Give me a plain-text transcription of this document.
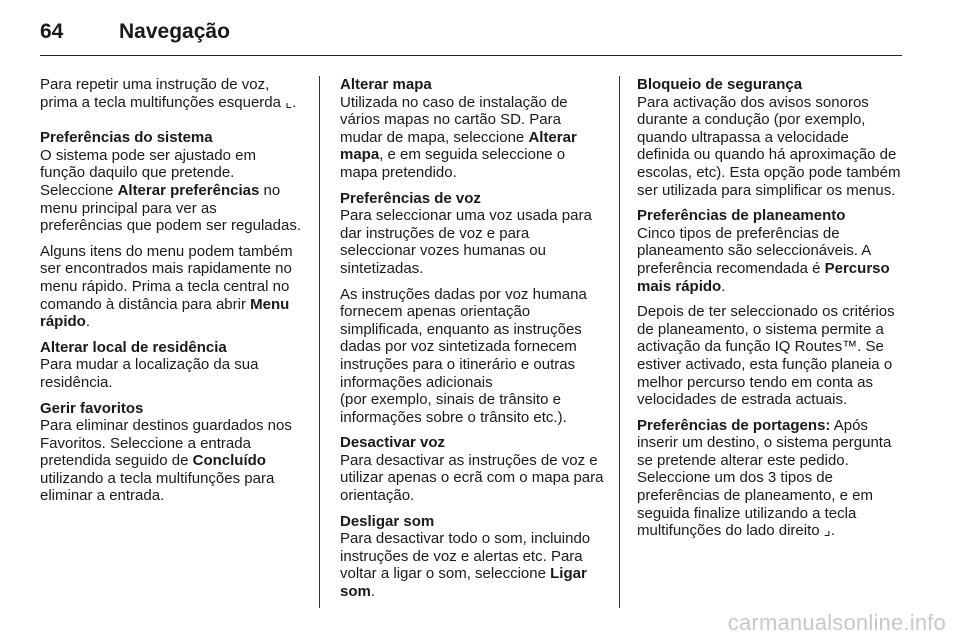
64	Navegação

Para repetir uma instrução de voz, prima a tecla multifunções esquerda ⌞.

Preferências do sistema

O sistema pode ser ajustado em função daquilo que pretende. Seleccione Alterar preferências no menu principal para ver as preferências que podem ser reguladas.

Alguns itens do menu podem também ser encontrados mais rapidamente no menu rápido. Prima a tecla central no comando à distância para abrir Menu rápido.

Alterar local de residência

Para mudar a localização da sua residência.

Gerir favoritos

Para eliminar destinos guardados nos Favoritos. Seleccione a entrada pretendida seguido de Concluído utilizando a tecla multifunções para eliminar a entrada.

Alterar mapa

Utilizada no caso de instalação de vários mapas no cartão SD. Para mudar de mapa, seleccione Alterar mapa, e em seguida seleccione o mapa pretendido.

Preferências de voz

Para seleccionar uma voz usada para dar instruções de voz e para seleccionar vozes humanas ou sintetizadas.

As instruções dadas por voz humana fornecem apenas orientação simplificada, enquanto as instruções dadas por voz sintetizada fornecem instruções para o itinerário e outras informações adicionais

(por exemplo, sinais de trânsito e informações sobre o trânsito etc.).

Desactivar voz

Para desactivar as instruções de voz e utilizar apenas o ecrã com o mapa para orientação.

Desligar som

Para desactivar todo o som, incluindo instruções de voz e alertas etc. Para voltar a ligar o som, seleccione Ligar som.

Bloqueio de segurança

Para activação dos avisos sonoros durante a condução (por exemplo, quando ultrapassa a velocidade definida ou quando há aproximação de escolas, etc). Esta opção pode também ser utilizada para simplificar os menus.

Preferências de planeamento

Cinco tipos de preferências de planeamento são seleccionáveis. A preferência recomendada é Percurso mais rápido.

Depois de ter seleccionado os critérios de planeamento, o sistema permite a activação da função IQ Routes™. Se estiver activado, esta função planeia o melhor percurso tendo em conta as velocidades de estrada actuais.

Preferências de portagens: Após inserir um destino, o sistema pergunta se pretende alterar este pedido. Seleccione um dos 3 tipos de preferências de planeamento, e em seguida finalize utilizando a tecla multifunções do lado direito ⌟.

carmanualsonline.info
